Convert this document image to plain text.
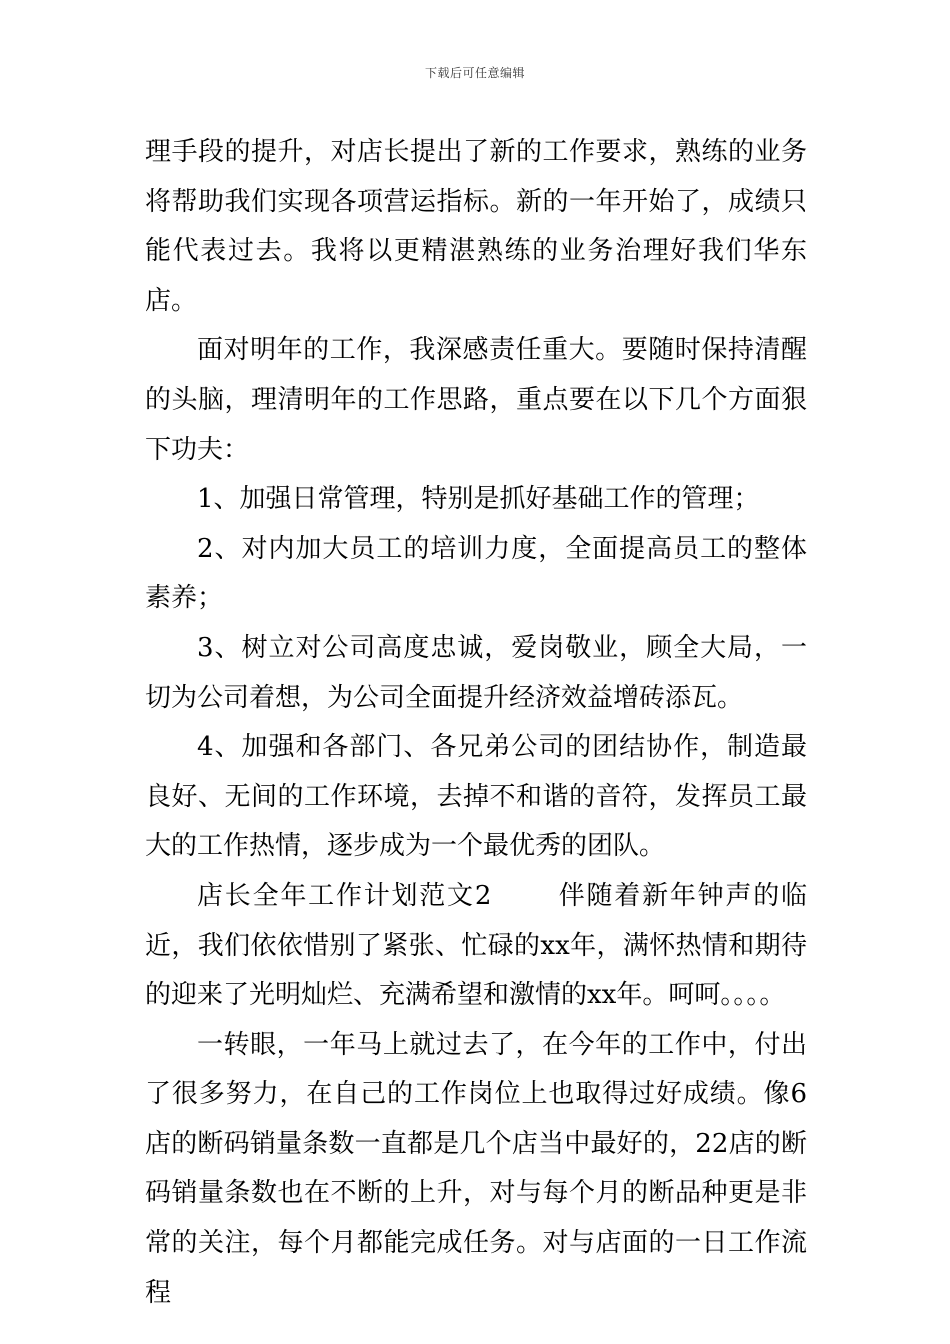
下载后可任意编辑

理手段的提升，对店长提出了新的工作要求，熟练的业务将帮助我们实现各项营运指标。新的一年开始了，成绩只能代表过去。我将以更精湛熟练的业务治理好我们华东店。

面对明年的工作，我深感责任重大。要随时保持清醒的头脑，理清明年的工作思路，重点要在以下几个方面狠下功夫：

1、加强日常管理，特别是抓好基础工作的管理；

2、对内加大员工的培训力度，全面提高员工的整体素养；

3、树立对公司高度忠诚，爱岗敬业，顾全大局，一切为公司着想，为公司全面提升经济效益增砖添瓦。

4、加强和各部门、各兄弟公司的团结协作，制造最良好、无间的工作环境，去掉不和谐的音符，发挥员工最大的工作热情，逐步成为一个最优秀的团队。

店长全年工作计划范文2　　 伴随着新年钟声的临近，我们依依惜别了紧张、忙碌的xx年，满怀热情和期待的迎来了光明灿烂、充满希望和激情的xx年。呵呵。。。。

一转眼，一年马上就过去了，在今年的工作中，付出了很多努力，在自己的工作岗位上也取得过好成绩。像6店的断码销量条数一直都是几个店当中最好的，22店的断码销量条数也在不断的上升，对与每个月的断品种更是非常的关注，每个月都能完成任务。对与店面的一日工作流程
